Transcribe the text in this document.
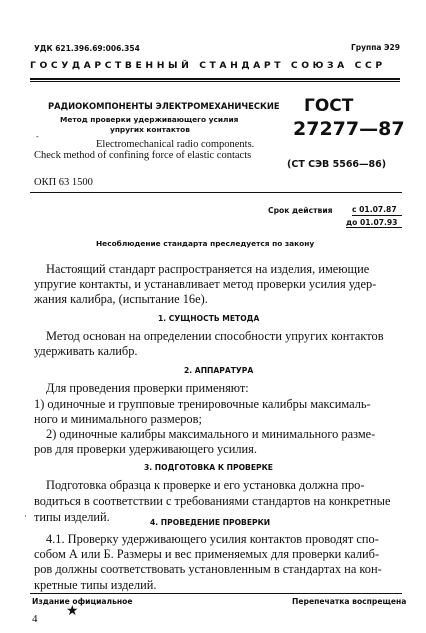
УДК 621.396.69:006.354	Группа Э29
ГОСУДАРСТВЕННЫЙ СТАНДАРТ СОЮЗА ССР
РАДИОКОМПОНЕНТЫ ЭЛЕКТРОМЕХАНИЧЕСКИЕ
Метод проверки удерживающего усилия
упругих контактов
-
Electromechanical radio components.
Check method of confining force of elastic contacts
ГОСТ
27277—87
(СТ СЭВ 5566—86)
ОКП 63 1500
Срок действия	с 01.07.87
до 01.07.93
Несоблюдение стандарта преследуется по закону
Настоящий стандарт распространяется на изделия, имеющие
упругие контакты, и устанавливает метод проверки усилия удер-
жания калибра, (испытание 16е).
1. СУЩНОСТЬ МЕТОДА
Метод основан на определении способности упругих контактов
удерживать калибр.
2. АППАРАТУРА
Для проведения проверки применяют:
1) одиночные и групповые тренировочные калибры максималь-
ного и минимального размеров;
2) одиночные калибры максимального и минимального разме-
ров для проверки удерживающего усилия.
3. ПОДГОТОВКА К ПРОВЕРКЕ
Подготовка образца к проверке и его установка должна про-
водиться в соответствии с требованиями стандартов на конкретные
· типы изделий.	4. ПРОВЕДЕНИЕ ПРОВЕРКИ
4.1. Проверку удерживающего усилия контактов проводят спо-
собом А или Б. Размеры и вес применяемых для проверки калиб-
ров должны соответствовать установленным в стандартах на кон-
Издание официальное	Перепечатка воспрещена
★
4
кретные типы изделий.
